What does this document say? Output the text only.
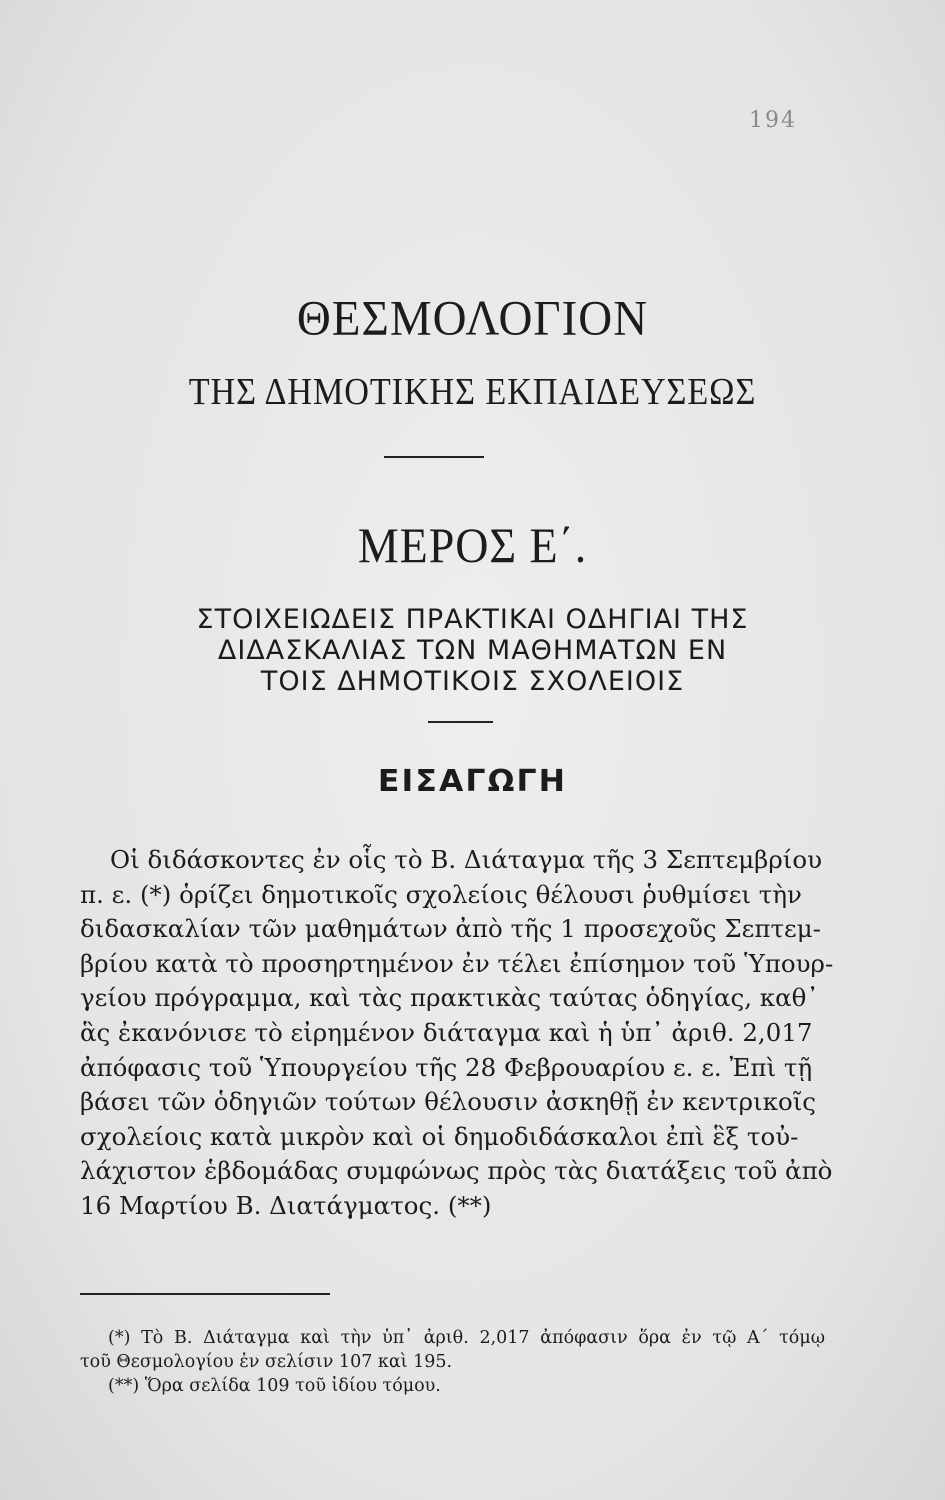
ΘΕΣΜΟΛΟΓΙΟΝ
ΤΗΣ ΔΗΜΟΤΙΚΗΣ ΕΚΠΑΙΔΕΥΣΕΩΣ
ΜΕΡΟΣ Ε΄.
ΣΤΟΙΧΕΙΩΔΕΙΣ ΠΡΑΚΤΙΚΑΙ ΟΔΗΓΙΑΙ ΤΗΣ
ΔΙΔΑΣΚΑΛΙΑΣ ΤΩΝ ΜΑΘΗΜΑΤΩΝ ΕΝ
ΤΟΙΣ ΔΗΜΟΤΙΚΟΙΣ ΣΧΟΛΕΙΟΙΣ
ΕΙΣΑΓΩΓΗ
Οἱ διδάσκοντες ἐν οἷς τὸ Β. Διάταγμα τῆς 3 Σεπτεμβρίου
π. ε. (*) ὁρίζει δημοτικοῖς σχολείοις θέλουσι ῥυθμίσει τὴν
διδασκαλίαν τῶν μαθημάτων ἀπὸ τῆς 1 προσεχοῦς Σεπτεμ-
βρίου κατὰ τὸ προσηρτημένον ἐν τέλει ἐπίσημον τοῦ Ὑπουρ-
γείου πρόγραμμα, καὶ τὰς πρακτικὰς ταύτας ὁδηγίας, καθ᾽
ἃς ἐκανόνισε τὸ εἰρημένον διάταγμα καὶ ἡ ὑπ᾽ ἀριθ. 2,017
ἀπόφασις τοῦ Ὑπουργείου τῆς 28 Φεβρουαρίου ε. ε. Ἐπὶ τῇ
βάσει τῶν ὁδηγιῶν τούτων θέλουσιν ἀσκηθῇ ἐν κεντρικοῖς
σχολείοις κατὰ μικρὸν καὶ οἱ δημοδιδάσκαλοι ἐπὶ ἓξ τοὐ-
λάχιστον ἑβδομάδας συμφώνως πρὸς τὰς διατάξεις τοῦ ἀπὸ
16 Μαρτίου Β. Διατάγματος. (**)
(*) Τὸ Β. Διάταγμα καὶ τὴν ὑπ᾽ ἀριθ. 2,017 ἀπόφασιν ὅρα ἐν τῷ Α΄ τόμῳ
τοῦ Θεσμολογίου ἐν σελίσιν 107 καὶ 195.
(**) Ὅρα σελίδα 109 τοῦ ἰδίου τόμου.
194
